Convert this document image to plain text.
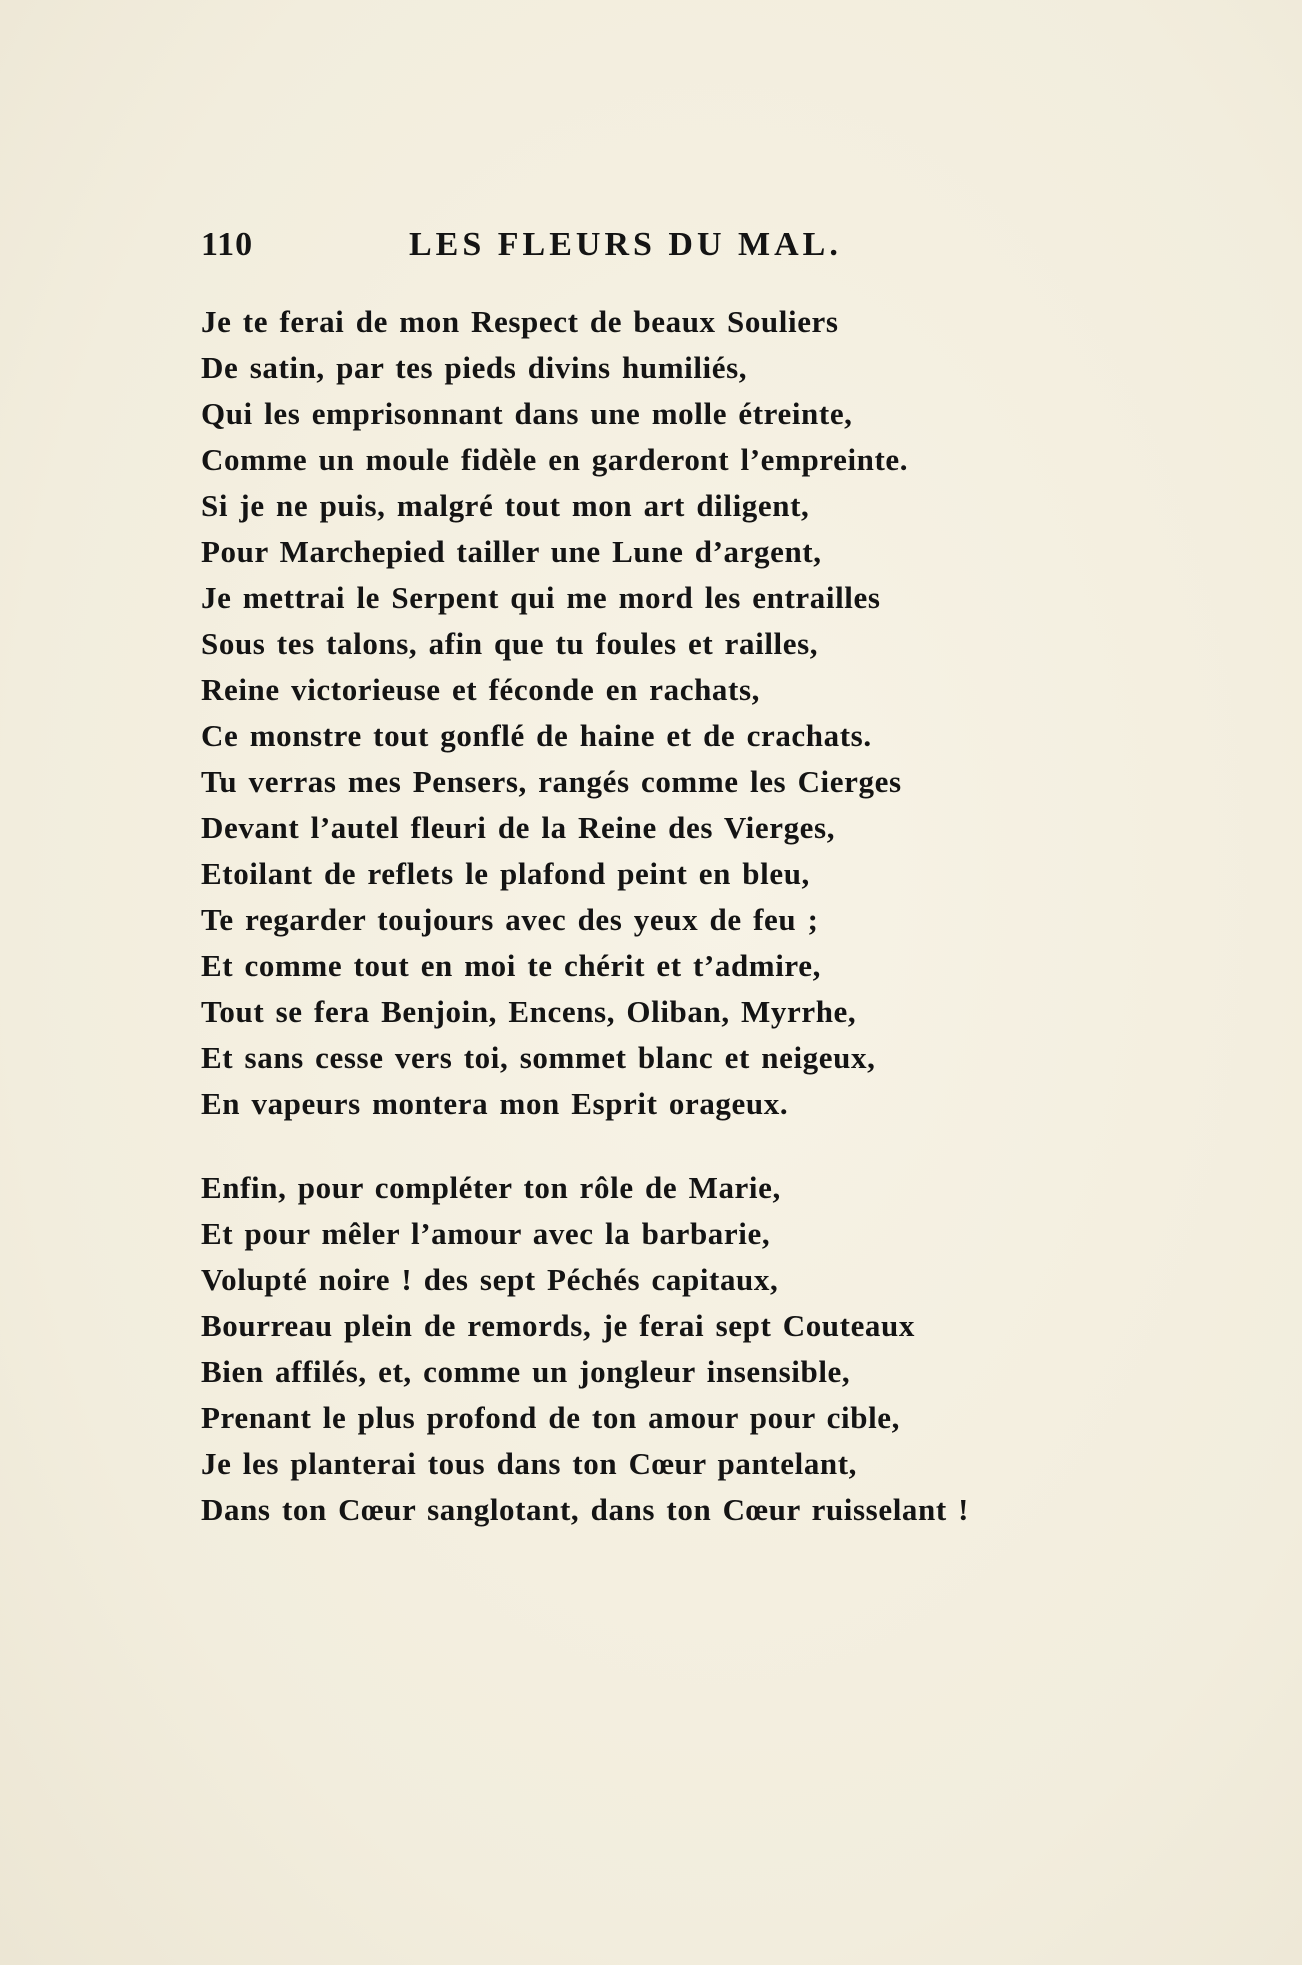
110	LES FLEURS DU MAL.
Je te ferai de mon Respect de beaux Souliers
De satin, par tes pieds divins humiliés,
Qui les emprisonnant dans une molle étreinte,
Comme un moule fidèle en garderont l’empreinte.
Si je ne puis, malgré tout mon art diligent,
Pour Marchepied tailler une Lune d’argent,
Je mettrai le Serpent qui me mord les entrailles
Sous tes talons, afin que tu foules et railles,
Reine victorieuse et féconde en rachats,
Ce monstre tout gonflé de haine et de crachats.
Tu verras mes Pensers, rangés comme les Cierges
Devant l’autel fleuri de la Reine des Vierges,
Etoilant de reflets le plafond peint en bleu,
Te regarder toujours avec des yeux de feu ;
Et comme tout en moi te chérit et t’admire,
Tout se fera Benjoin, Encens, Oliban, Myrrhe,
Et sans cesse vers toi, sommet blanc et neigeux,
En vapeurs montera mon Esprit orageux.
Enfin, pour compléter ton rôle de Marie,
Et pour mêler l’amour avec la barbarie,
Volupté noire ! des sept Péchés capitaux,
Bourreau plein de remords, je ferai sept Couteaux
Bien affilés, et, comme un jongleur insensible,
Prenant le plus profond de ton amour pour cible,
Je les planterai tous dans ton Cœur pantelant,
Dans ton Cœur sanglotant, dans ton Cœur ruisselant !
